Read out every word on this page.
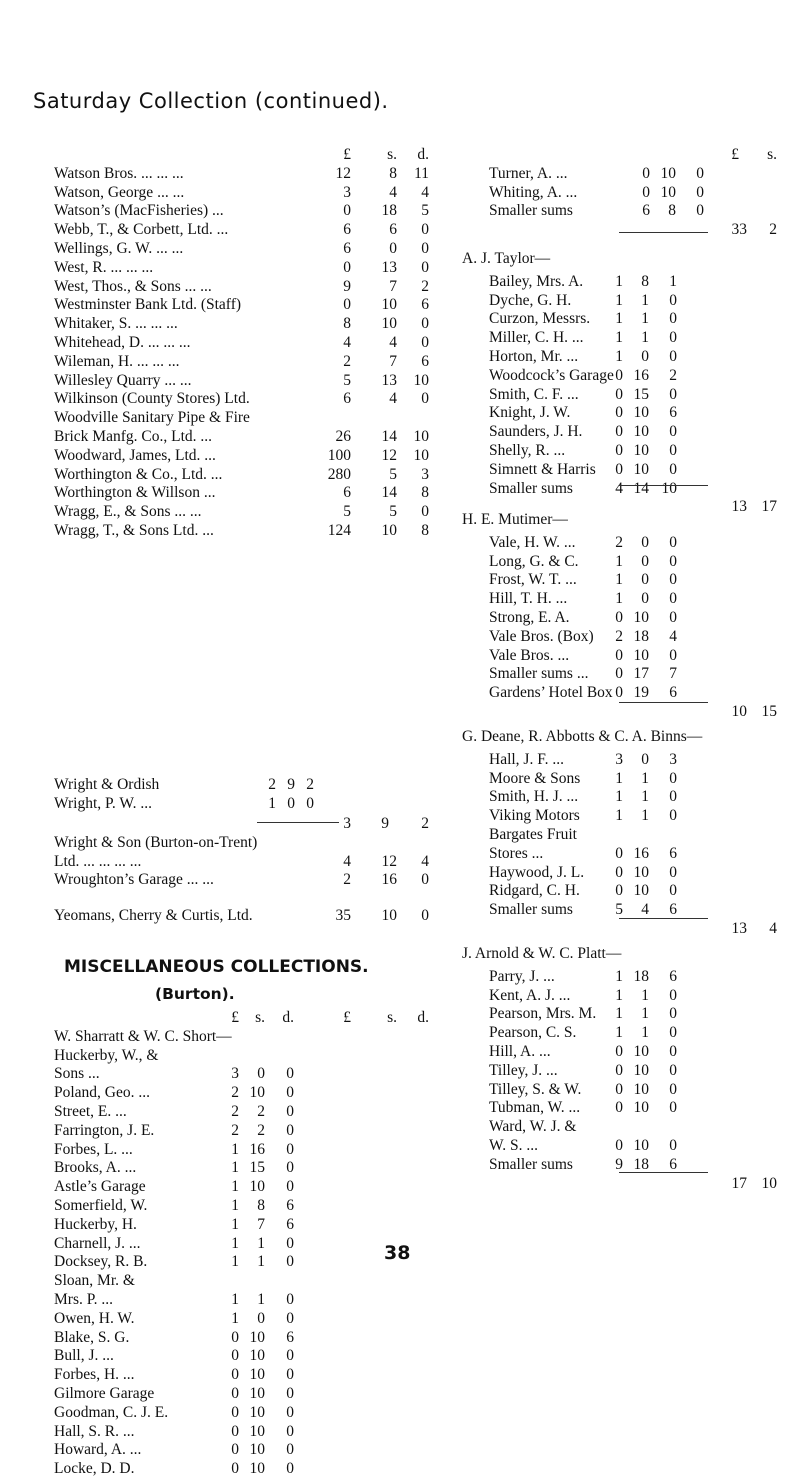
Saturday Collection (continued).
£ s. d.
Watson Bros. ... ... ...	12 8 11
Watson, George ... ...	3 4 4
Watson’s (MacFisheries) ...	0 18 5
Webb, T., & Corbett, Ltd. ...	6 6 0
Wellings, G. W. ... ...	6 0 0
West, R. ... ... ...	0 13 0
West, Thos., & Sons ... ...	9 7 2
Westminster Bank Ltd. (Staff)	0 10 6
Whitaker, S. ... ... ...	8 10 0
Whitehead, D. ... ... ...	4 4 0
Wileman, H. ... ... ...	2 7 6
Willesley Quarry ... ...	5 13 10
Wilkinson (County Stores) Ltd.	6 4 0
Woodville Sanitary Pipe & Fire
Brick Manfg. Co., Ltd. ...	26 14 10
Woodward, James, Ltd. ...	100 12 10
Worthington & Co., Ltd. ...	280 5 3
Worthington & Willson ...	6 14 8
Wragg, E., & Sons ... ...	5 5 0
Wragg, T., & Sons Ltd. ...	124 10 8
Wright & Ordish	2 9 2
Wright, P. W. ...	1 0 0
3 9 2
Wright & Son (Burton-on-Trent)
Ltd. ... ... ... ...	4 12 4
Wroughton’s Garage ... ...	2 16 0
Yeomans, Cherry & Curtis, Ltd.	35 10 0
MISCELLANEOUS COLLECTIONS.
(Burton).
£ s. d.	£ s. d.
W. Sharratt & W. C. Short—
Huckerby, W., &
Sons ...	3 0 0
Poland, Geo. ...	2 10 0
Street, E. ...	2 2 0
Farrington, J. E.	2 2 0
Forbes, L. ...	1 16 0
Brooks, A. ...	1 15 0
Astle’s Garage	1 10 0
Somerfield, W.	1 8 6
Huckerby, H.	1 7 6
Charnell, J. ...	1 1 0
Docksey, R. B.	1 1 0
Sloan, Mr. &
Mrs. P. ...	1 1 0
Owen, H. W.	1 0 0
Blake, S. G.	0 10 6
Bull, J. ...	0 10 0
Forbes, H. ...	0 10 0
Gilmore Garage	0 10 0
Goodman, C. J. E.	0 10 0
Hall, S. R. ...	0 10 0
Howard, A. ...	0 10 0
Locke, D. D.	0 10 0
£ s.
Turner, A. ...	0 10 0
Whiting, A. ...	0 10 0
Smaller sums	6 8 0
33 2
A. J. Taylor—
Bailey, Mrs. A. 1 8 1
Dyche, G. H.	1 1 0
Curzon, Messrs. 1 1 0
Miller, C. H. ... 1 1 0
Horton, Mr. ... 1 0 0
Woodcock’s Garage 0 16 2
Smith, C. F. ... 0 15 0
Knight, J. W.	0 10 6
Saunders, J. H. 0 10 0
Shelly, R. ...	0 10 0
Simnett & Harris 0 10 0
Smaller sums	4 14 10
13 17
H. E. Mutimer—
Vale, H. W. ...	2 0 0
Long, G. & C. 1 0 0
Frost, W. T. ... 1 0 0
Hill, T. H. ...	1 0 0
Strong, E. A.	0 10 0
Vale Bros. (Box) 2 18 4
Vale Bros. ...	0 10 0
Smaller sums ... 0 17 7
Gardens’ Hotel Box 0 19 6
10 15
G. Deane, R. Abbotts & C. A. Binns—
Hall, J. F. ...	3 0 3
Moore & Sons 1 1 0
Smith, H. J. ... 1 1 0
Viking Motors 1 1 0
Bargates Fruit
Stores ...	0 16 6
Haywood, J. L. 0 10 0
Ridgard, C. H. 0 10 0
Smaller sums	5 4 6
13 4
J. Arnold & W. C. Platt—
Parry, J. ...	1 18 6
Kent, A. J. ...	1 1 0
Pearson, Mrs. M. 1 1 0
Pearson, C. S.	1 1 0
Hill, A. ...	0 10 0
Tilley, J. ...	0 10 0
Tilley, S. & W. 0 10 0
Tubman, W. ... 0 10 0
Ward, W. J. &
W. S. ...	0 10 0
Smaller sums	9 18 6
17 10
38
